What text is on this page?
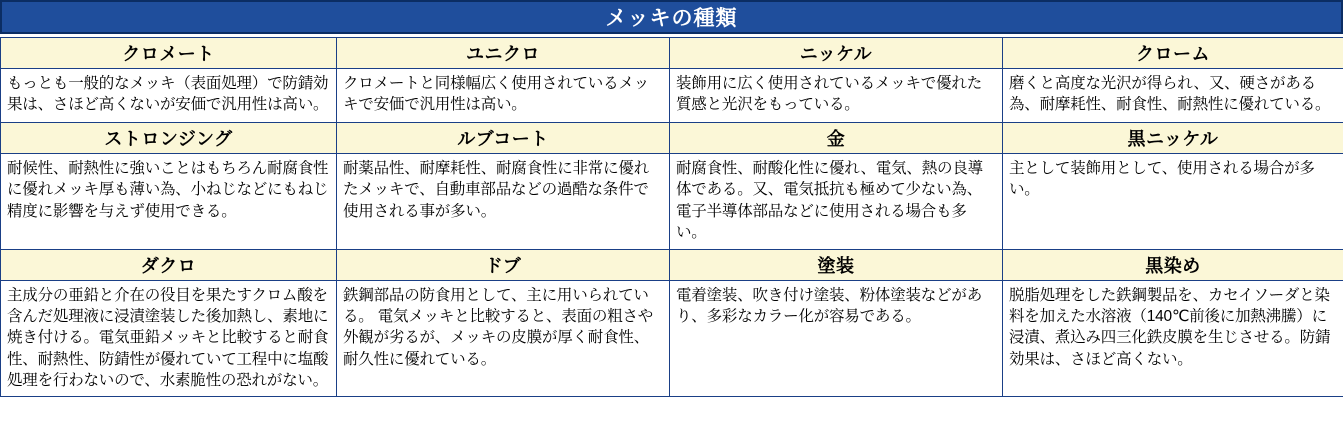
メッキの種類
クロメート	ユニクロ	ニッケル	クローム
もっとも一般的なメッキ（表面処理）で防錆効果は、さほど高くないが安価で汎用性は高い。	クロメートと同様幅広く使用されているメッキで安価で汎用性は高い。	装飾用に広く使用されているメッキで優れた質感と光沢をもっている。	磨くと高度な光沢が得られ、又、硬さがある為、耐摩耗性、耐食性、耐熱性に優れている。
ストロンジング	ルブコート	金	黒ニッケル
耐候性、耐熱性に強いことはもちろん耐腐食性に優れメッキ厚も薄い為、小ねじなどにもねじ精度に影響を与えず使用できる。	耐薬品性、耐摩耗性、耐腐食性に非常に優れたメッキで、自動車部品などの過酷な条件で使用される事が多い。	耐腐食性、耐酸化性に優れ、電気、熱の良導体である。又、電気抵抗も極めて少ない為、電子半導体部品などに使用される場合も多い。	主として装飾用として、使用される場合が多い。
ダクロ	ドブ	塗装	黒染め
主成分の亜鉛と介在の役目を果たすクロム酸を含んだ処理液に浸漬塗装した後加熱し、素地に焼き付ける。電気亜鉛メッキと比較すると耐食性、耐熱性、防錆性が優れていて工程中に塩酸処理を行わないので、水素脆性の恐れがない。	鉄鋼部品の防食用として、主に用いられている。 電気メッキと比較すると、表面の粗さや外観が劣るが、メッキの皮膜が厚く耐食性、耐久性に優れている。	電着塗装、吹き付け塗装、粉体塗装などがあり、多彩なカラー化が容易である。	脱脂処理をした鉄鋼製品を、カセイソーダと染料を加えた水溶液（140℃前後に加熱沸騰）に浸漬、煮込み四三化鉄皮膜を生じさせる。防錆効果は、さほど高くない。
